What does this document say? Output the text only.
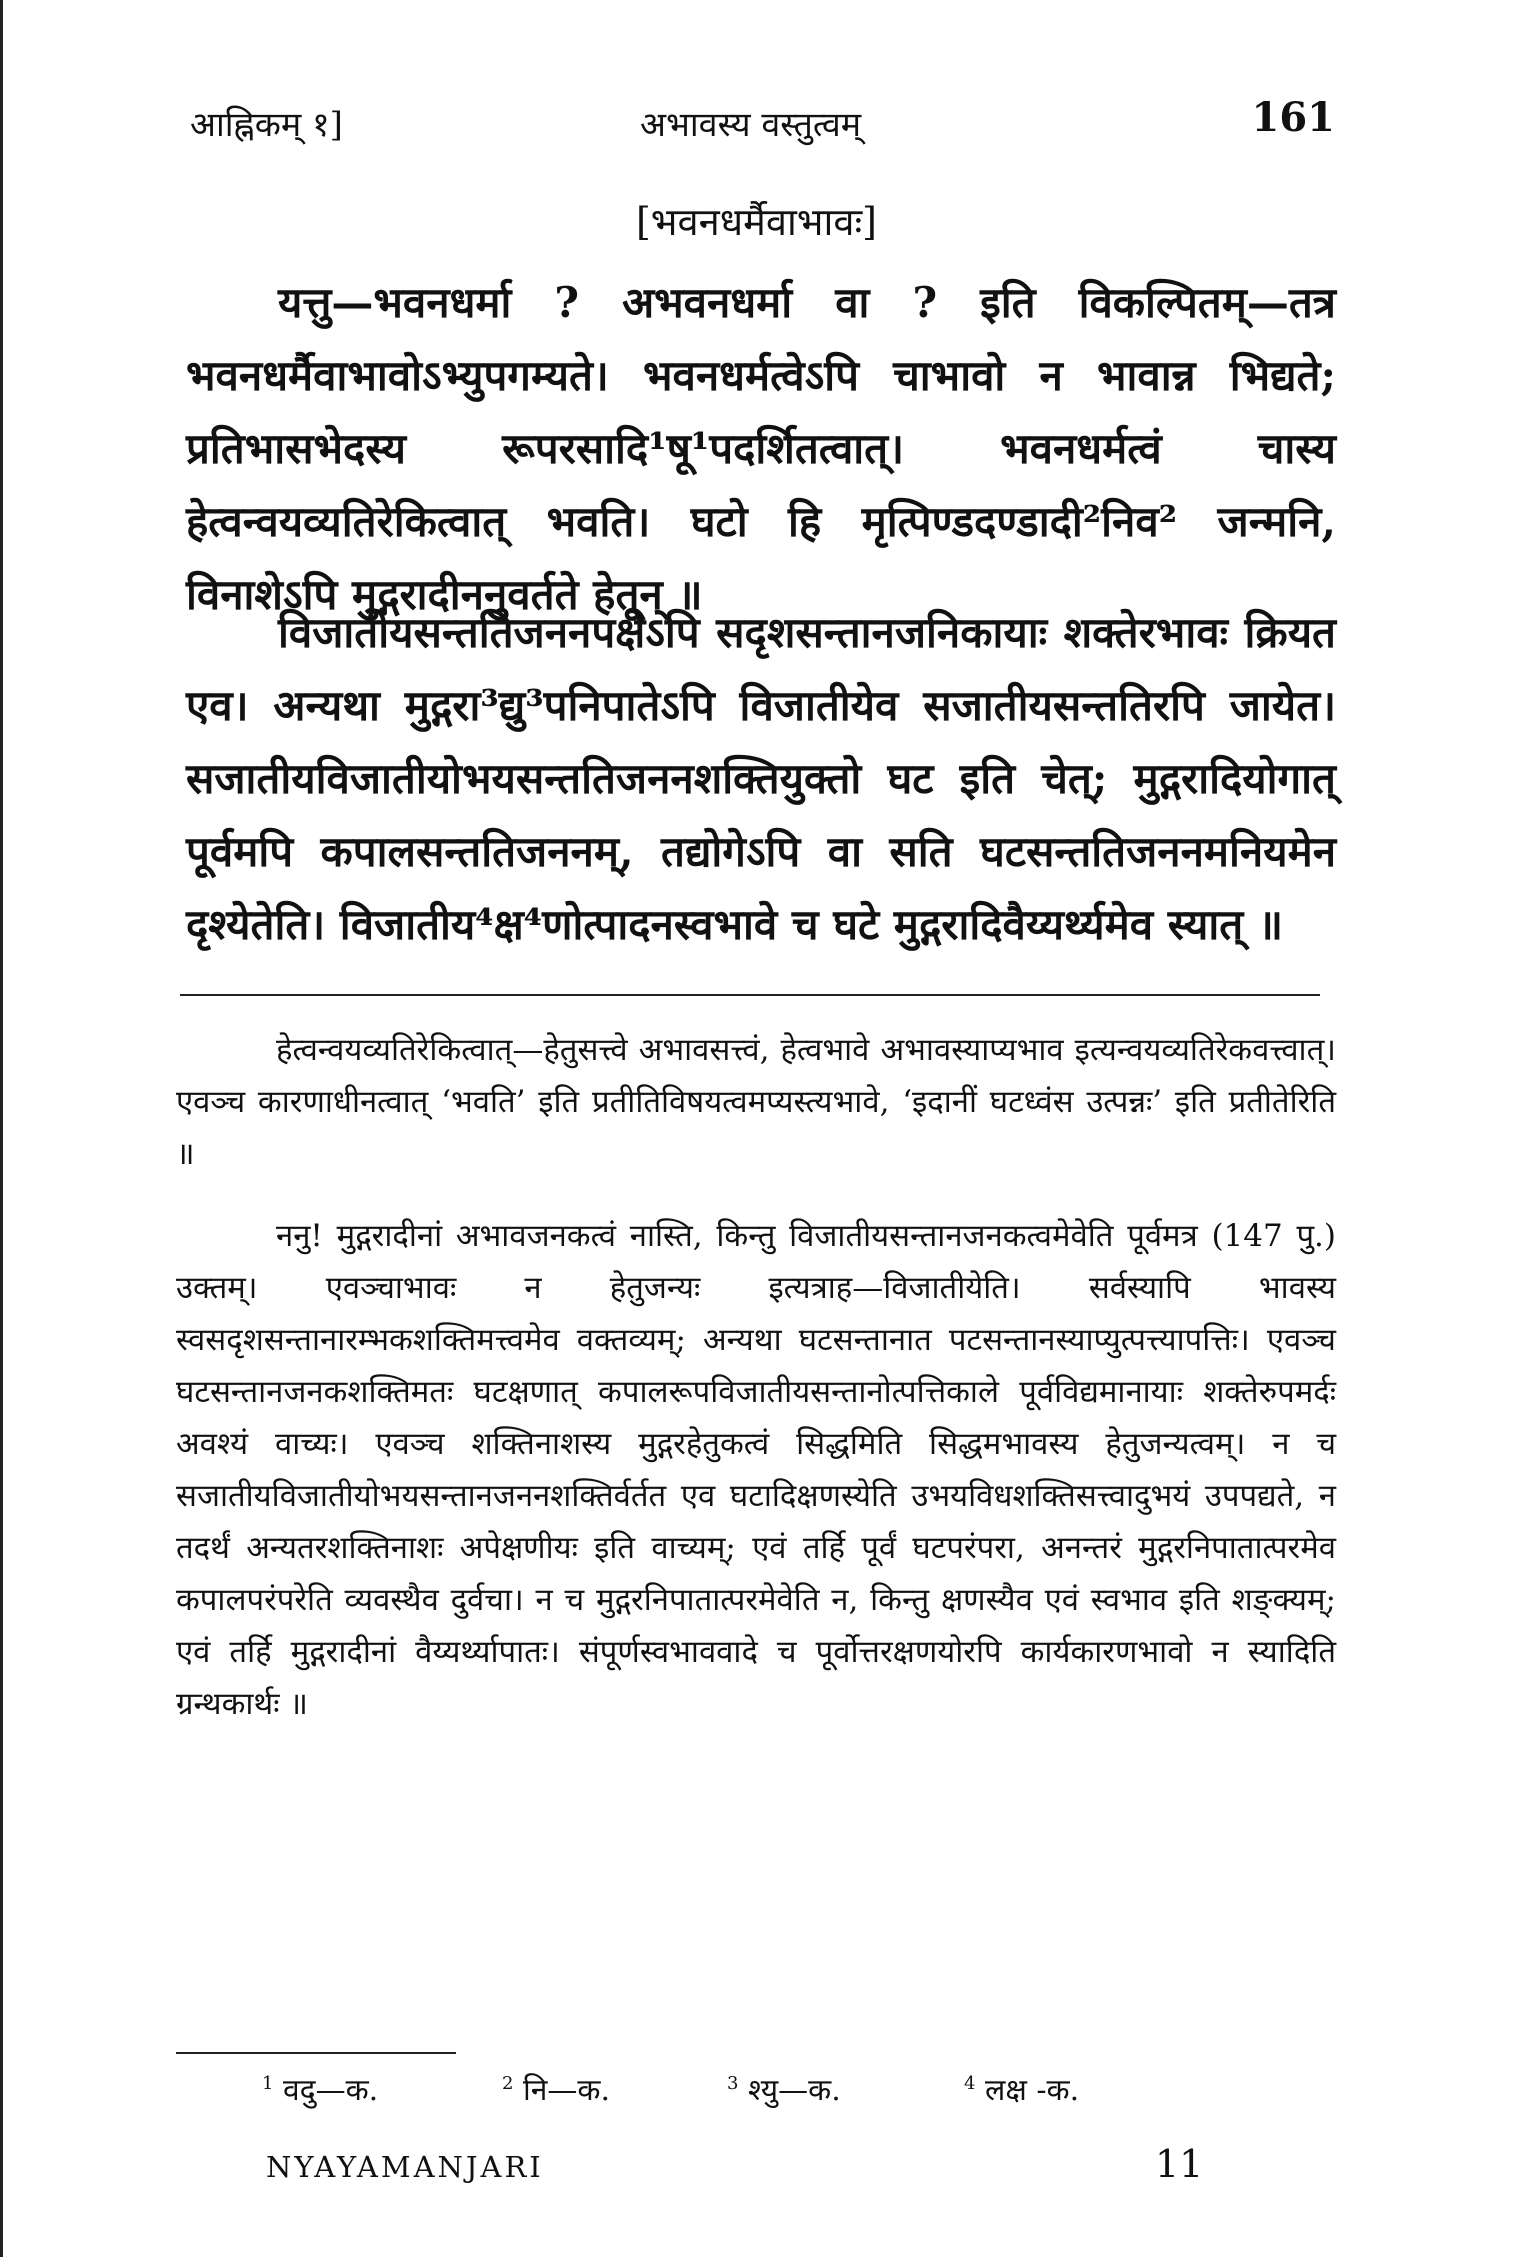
आह्निकम् १]	अभावस्य वस्तुत्वम्	161
[भवनधर्मैवाभावः]

यत्तु—भवनधर्मा ? अभवनधर्मा वा ? इति विकल्पितम्—तत्र भवनधर्मैवाभावोऽभ्युपगम्यते। भवनधर्मत्वेऽपि चाभावो न भावान्न भिद्यते; प्रतिभासभेदस्य रूपरसादि¹षू¹पदर्शितत्वात्। भवनधर्मत्वं चास्य हेत्वन्वयव्यतिरेकित्वात् भवति। घटो हि मृत्पिण्डदण्डादी²निव² जन्मनि, विनाशेऽपि मुद्गरादीननुवर्तते हेतून् ॥

विजातीयसन्ततिजननपक्षेऽपि सदृशसन्तानजनिकायाः शक्तेरभावः क्रियत एव। अन्यथा मुद्गरा³द्यु³पनिपातेऽपि विजातीयेव सजातीयसन्ततिरपि जायेत। सजातीयविजातीयोभयसन्ततिजननशक्तियुक्तो घट इति चेत्; मुद्गरादियोगात् पूर्वमपि कपालसन्ततिजननम्, तद्योगेऽपि वा सति घटसन्ततिजननमनियमेन दृश्येतेति। विजातीय⁴क्ष⁴णोत्पादनस्वभावे च घटे मुद्गरादिवैय्यर्थ्यमेव स्यात् ॥

हेत्वन्वयव्यतिरेकित्वात्—हेतुसत्त्वे अभावसत्त्वं, हेत्वभावे अभावस्याप्यभाव इत्यन्वयव्यतिरेकवत्त्वात्। एवञ्च कारणाधीनत्वात् ‘भवति’ इति प्रतीतिविषयत्वमप्यस्त्यभावे, ‘इदानीं घटध्वंस उत्पन्नः’ इति प्रतीतेरिति ॥

ननु! मुद्गरादीनां अभावजनकत्वं नास्ति, किन्तु विजातीयसन्तानजनकत्वमेवेति पूर्वमत्र (147 पु.) उक्तम्। एवञ्चाभावः न हेतुजन्यः इत्यत्राह—विजातीयेति। सर्वस्यापि भावस्य स्वसदृशसन्तानारम्भकशक्तिमत्त्वमेव वक्तव्यम्; अन्यथा घटसन्तानात पटसन्तानस्याप्युत्पत्त्यापत्तिः। एवञ्च घटसन्तानजनकशक्तिमतः घटक्षणात् कपालरूपविजातीयसन्तानोत्पत्तिकाले पूर्वविद्यमानायाः शक्तेरुपमर्दः अवश्यं वाच्यः। एवञ्च शक्तिनाशस्य मुद्गरहेतुकत्वं सिद्धमिति सिद्धमभावस्य हेतुजन्यत्वम्। न च सजातीयविजातीयोभयसन्तानजननशक्तिर्वर्तत एव घटादिक्षणस्येति उभयविधशक्तिसत्त्वादुभयं उपपद्यते, न तदर्थं अन्यतरशक्तिनाशः अपेक्षणीयः इति वाच्यम्; एवं तर्हि पूर्वं घटपरंपरा, अनन्तरं मुद्गरनिपातात्परमेव कपालपरंपरेति व्यवस्थैव दुर्वचा। न च मुद्गरनिपातात्परमेवेति न, किन्तु क्षणस्यैव एवं स्वभाव इति शङ्क्यम्; एवं तर्हि मुद्गरादीनां वैय्यर्थ्यापातः। संपूर्णस्वभाववादे च पूर्वोत्तरक्षणयोरपि कार्यकारणभावो न स्यादिति ग्रन्थकार्थः ॥

$^1$ वदु—क.	$^2$ नि—क.	$^3$ श्यु—क.	$^4$ लक्ष -क.
NYAYAMANJARI	11
